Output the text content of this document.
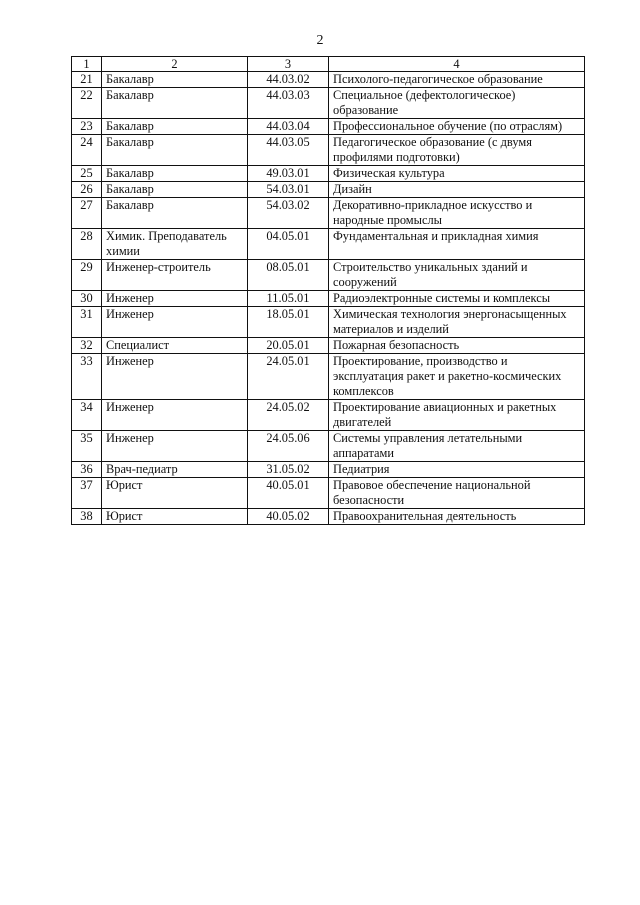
2
1	2	3	4
21	Бакалавр	44.03.02	Психолого-педагогическое образование
22	Бакалавр	44.03.03	Специальное (дефектологическое) образование
23	Бакалавр	44.03.04	Профессиональное обучение (по отраслям)
24	Бакалавр	44.03.05	Педагогическое образование (с двумя профилями подготовки)
25	Бакалавр	49.03.01	Физическая культура
26	Бакалавр	54.03.01	Дизайн
27	Бакалавр	54.03.02	Декоративно-прикладное искусство и народные промыслы
28	Химик. Преподаватель химии	04.05.01	Фундаментальная и прикладная химия
29	Инженер-строитель	08.05.01	Строительство уникальных зданий и сооружений
30	Инженер	11.05.01	Радиоэлектронные системы и комплексы
31	Инженер	18.05.01	Химическая технология энергонасыщенных материалов и изделий
32	Специалист	20.05.01	Пожарная безопасность
33	Инженер	24.05.01	Проектирование, производство и эксплуатация ракет и ракетно-космических комплексов
34	Инженер	24.05.02	Проектирование авиационных и ракетных двигателей
35	Инженер	24.05.06	Системы управления летательными аппаратами
36	Врач-педиатр	31.05.02	Педиатрия
37	Юрист	40.05.01	Правовое обеспечение национальной безопасности
38	Юрист	40.05.02	Правоохранительная деятельность
